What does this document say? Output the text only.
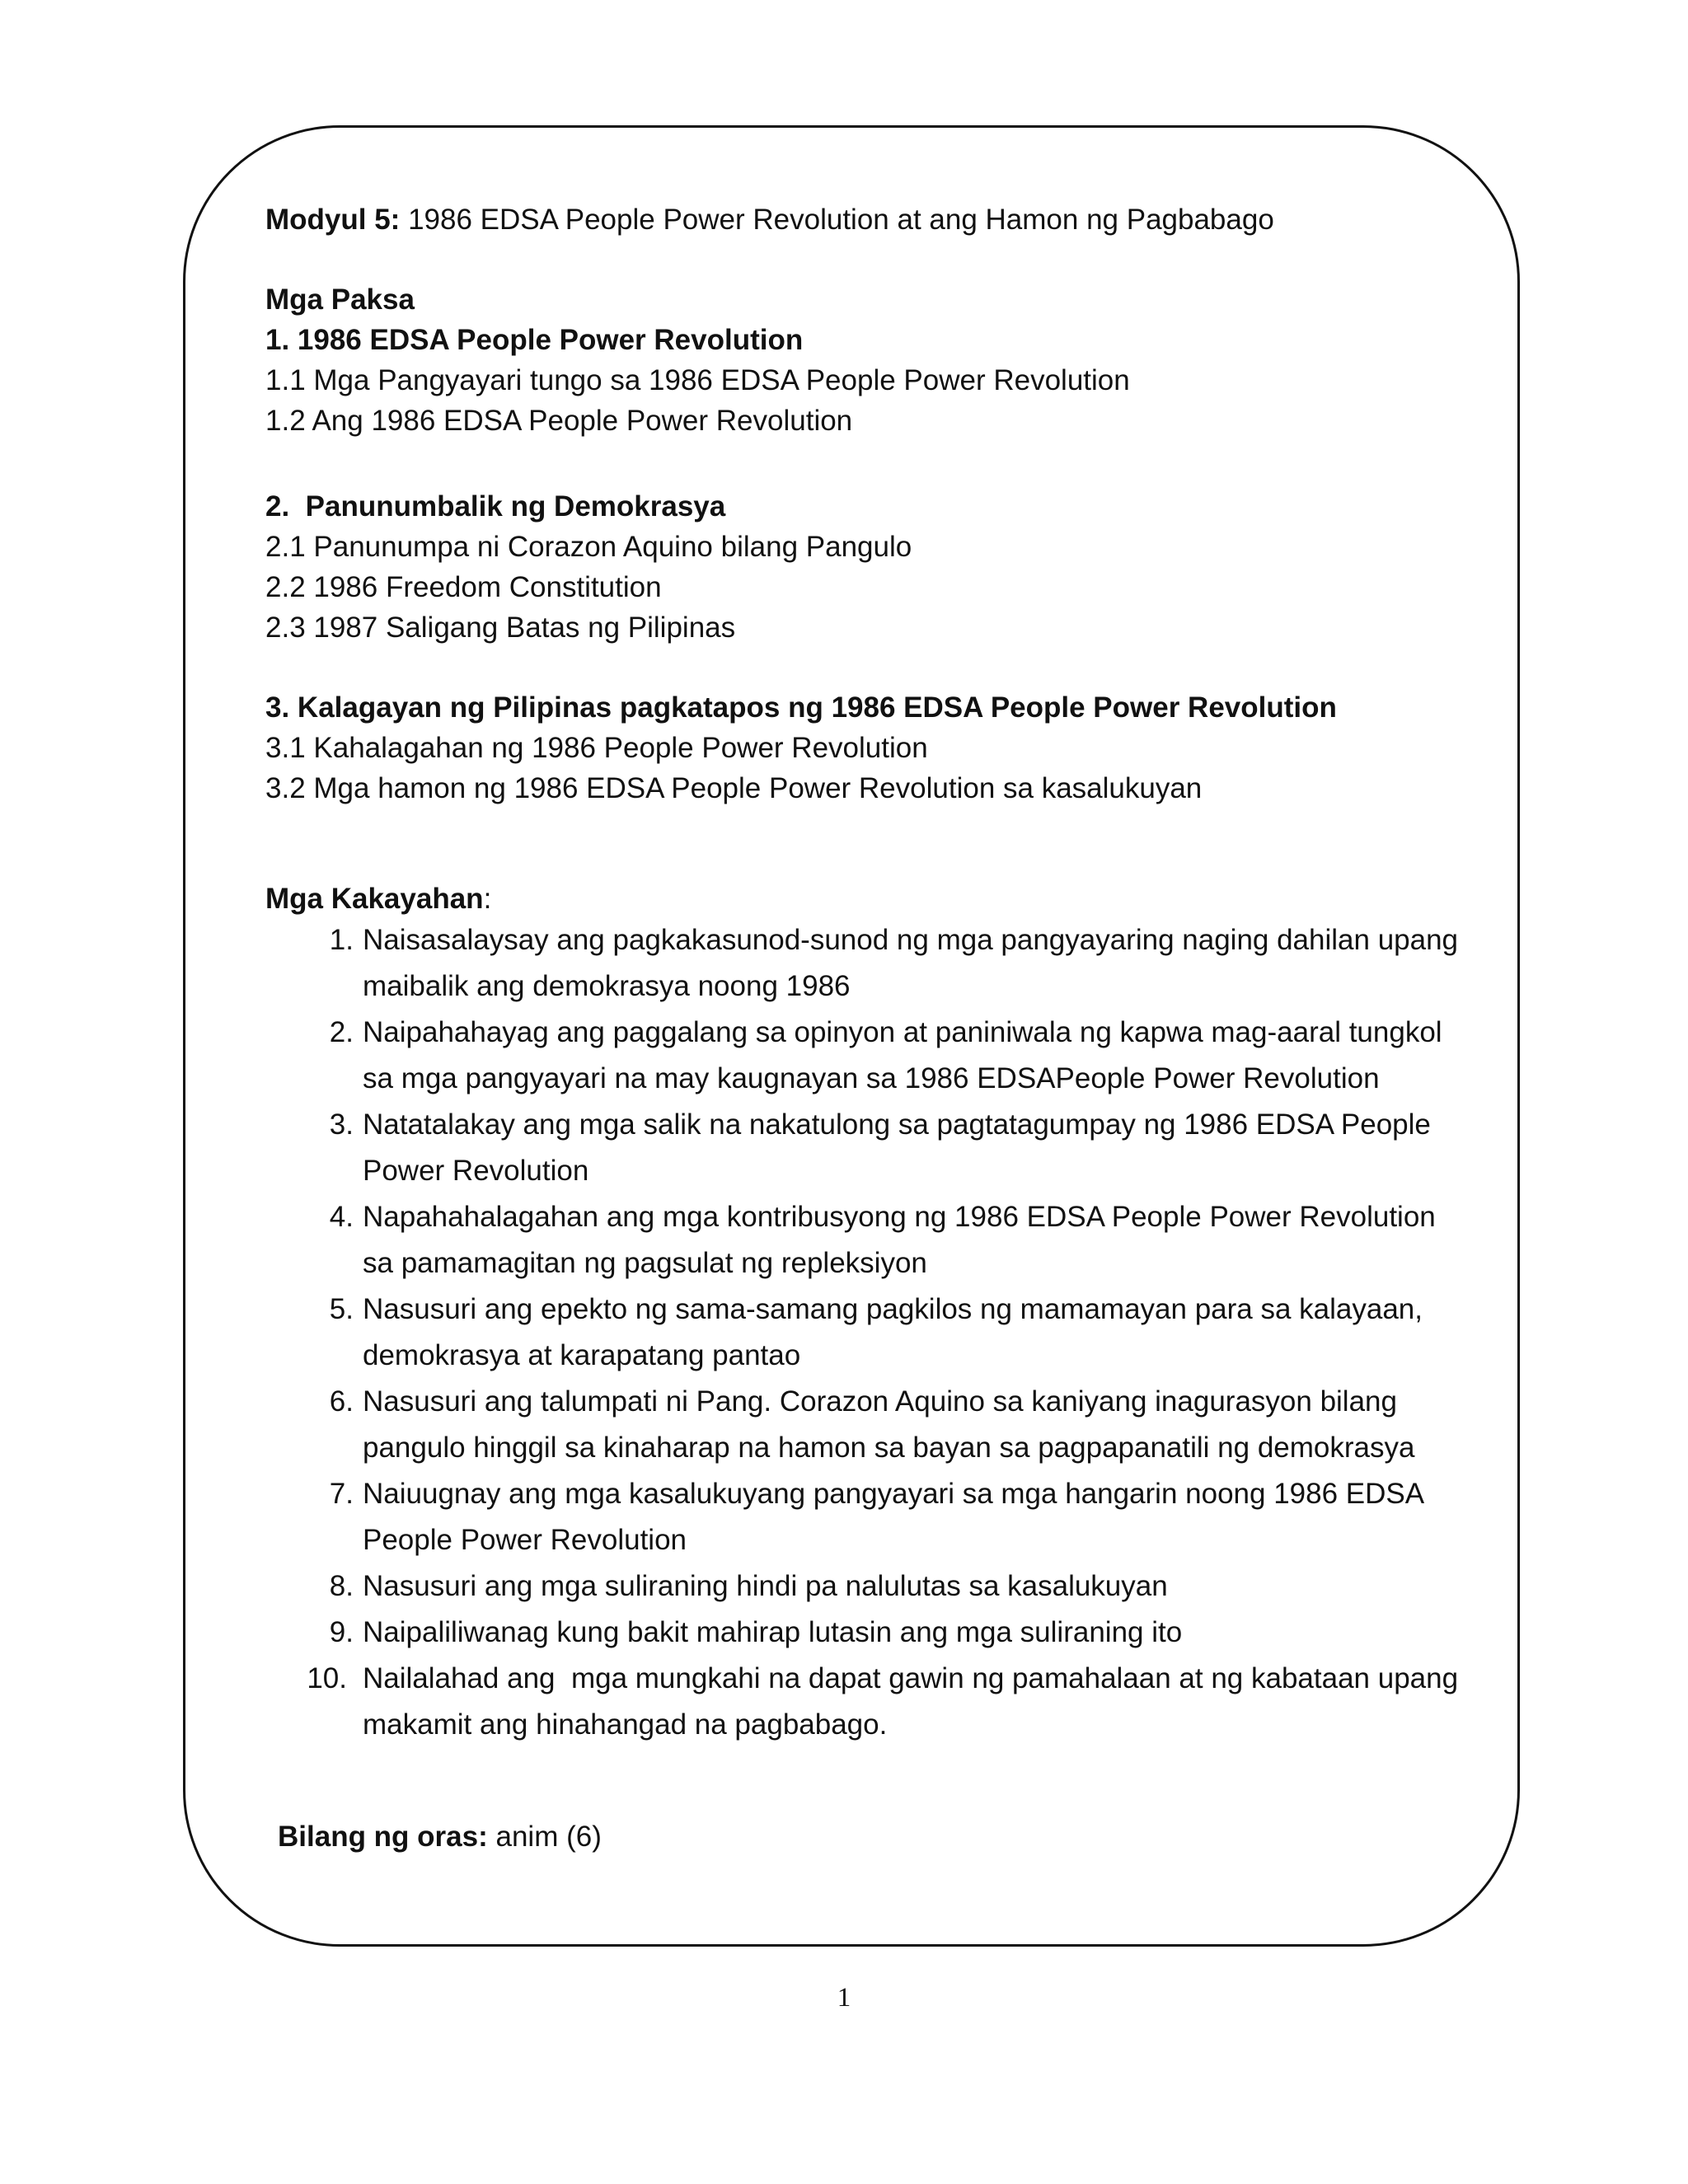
Modyul 5: 1986 EDSA People Power Revolution at ang Hamon ng Pagbabago
Mga Paksa
1. 1986 EDSA People Power Revolution
1.1 Mga Pangyayari tungo sa 1986 EDSA People Power Revolution
1.2 Ang 1986 EDSA People Power Revolution
2.  Panunumbalik ng Demokrasya
2.1 Panunumpa ni Corazon Aquino bilang Pangulo
2.2 1986 Freedom Constitution
2.3 1987 Saligang Batas ng Pilipinas
3. Kalagayan ng Pilipinas pagkatapos ng 1986 EDSA People Power Revolution
3.1 Kahalagahan ng 1986 People Power Revolution
3.2 Mga hamon ng 1986 EDSA People Power Revolution sa kasalukuyan
Mga Kakayahan:
1. Naisasalaysay ang pagkakasunod-sunod ng mga pangyayaring naging dahilan upang maibalik ang demokrasya noong 1986
2. Naipahahayag ang paggalang sa opinyon at paniniwala ng kapwa mag-aaral tungkol sa mga pangyayari na may kaugnayan sa 1986 EDSAPeople Power Revolution
3. Natatalakay ang mga salik na nakatulong sa pagtatagumpay ng 1986 EDSA People Power Revolution
4. Napahahalagahan ang mga kontribusyong ng 1986 EDSA People Power Revolution sa pamamagitan ng pagsulat ng repleksiyon
5. Nasusuri ang epekto ng sama-samang pagkilos ng mamamayan para sa kalayaan, demokrasya at karapatang pantao
6. Nasusuri ang talumpati ni Pang. Corazon Aquino sa kaniyang inagurasyon bilang pangulo hinggil sa kinaharap na hamon sa bayan sa pagpapanatili ng demokrasya
7. Naiuugnay ang mga kasalukuyang pangyayari sa mga hangarin noong 1986 EDSA People Power Revolution
8. Nasusuri ang mga suliraning hindi pa nalulutas sa kasalukuyan
9. Naipaliliwanag kung bakit mahirap lutasin ang mga suliraning ito
10. Nailalahad ang  mga mungkahi na dapat gawin ng pamahalaan at ng kabataan upang makamit ang hinahangad na pagbabago.
Bilang ng oras: anim (6)
1
